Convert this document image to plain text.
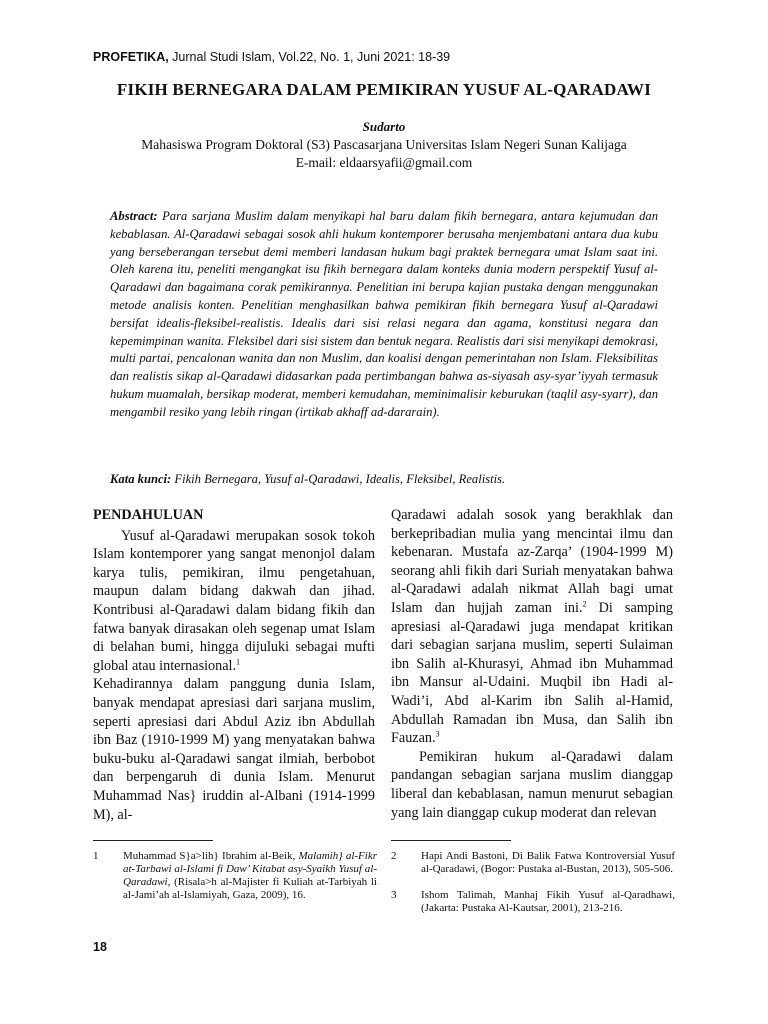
PROFETIKA, Jurnal Studi Islam, Vol.22, No. 1, Juni 2021: 18-39
FIKIH BERNEGARA DALAM PEMIKIRAN YUSUF AL-QARADAWI
Sudarto
Mahasiswa Program Doktoral (S3) Pascasarjana Universitas Islam Negeri Sunan Kalijaga
E-mail: eldaarsyafii@gmail.com
Abstract: Para sarjana Muslim dalam menyikapi hal baru dalam fikih bernegara, antara kejumudan dan kebablasan. Al-Qaradawi sebagai sosok ahli hukum kontemporer berusaha menjembatani antara dua kubu yang berseberangan tersebut demi memberi landasan hukum bagi praktek bernegara umat Islam saat ini. Oleh karena itu, peneliti mengangkat isu fikih bernegara dalam konteks dunia modern perspektif Yusuf al-Qaradawi dan bagaimana corak pemikirannya. Penelitian ini berupa kajian pustaka dengan menggunakan metode analisis konten. Penelitian menghasilkan bahwa pemikiran fikih bernegara Yusuf al-Qaradawi bersifat idealis-fleksibel-realistis. Idealis dari sisi relasi negara dan agama, konstitusi negara dan kepemimpinan wanita. Fleksibel dari sisi sistem dan bentuk negara. Realistis dari sisi menyikapi demokrasi, multi partai, pencalonan wanita dan non Muslim, dan koalisi dengan pemerintahan non Islam. Fleksibilitas dan realistis sikap al-Qaradawi didasarkan pada pertimbangan bahwa as-siyasah asy-syar’iyyah termasuk hukum muamalah, bersikap moderat, memberi kemudahan, meminimalisir keburukan (taqlil asy-syarr), dan mengambil resiko yang lebih ringan (irtikab akhaff ad-dararain).
Kata kunci: Fikih Bernegara, Yusuf al-Qaradawi, Idealis, Fleksibel, Realistis.
PENDAHULUAN

Yusuf al-Qaradawi merupakan sosok tokoh Islam kontemporer yang sangat menonjol dalam karya tulis, pemikiran, ilmu pengetahuan, maupun dalam bidang dakwah dan jihad. Kontribusi al-Qaradawi dalam bidang fikih dan fatwa banyak dirasakan oleh segenap umat Islam di belahan bumi, hingga dijuluki sebagai mufti global atau internasional.$^1$

Kehadirannya dalam panggung dunia Islam, banyak mendapat apresiasi dari sarjana muslim, seperti apresiasi dari Abdul Aziz ibn Abdullah ibn Baz (1910-1999 M) yang menyatakan bahwa buku-buku al-Qaradawi sangat ilmiah, berbobot dan berpengaruh di dunia Islam. Menurut Muhammad Nas} iruddin al-Albani (1914-1999 M), al-

Qaradawi adalah sosok yang berakhlak dan berkepribadian mulia yang mencintai ilmu dan kebenaran. Mustafa az-Zarqa’ (1904-1999 M) seorang ahli fikih dari Suriah menyatakan bahwa al-Qaradawi adalah nikmat Allah bagi umat Islam dan hujjah zaman ini.$^2$ Di samping apresiasi al-Qaradawi juga mendapat kritikan dari sebagian sarjana muslim, seperti Sulaiman ibn Salih al-Khurasyi, Ahmad ibn Muhammad ibn Mansur al-Udaini. Muqbil ibn Hadi al-Wadi’i, Abd al-Karim ibn Salih al-Hamid, Abdullah Ramadan ibn Musa, dan Salih ibn Fauzan.$^3$

Pemikiran hukum al-Qaradawi dalam pandangan sebagian sarjana muslim dianggap liberal dan kebablasan, namun menurut sebagian yang lain dianggap cukup moderat dan relevan

1 Muhammad S}a>lih} Ibrahim al-Beik, Malamih} al-Fikr at-Tarbawi al-Islami fi Daw’ Kitabat asy-Syaikh Yusuf al-Qaradawi, (Risala>h al-Majister fi Kuliah at-Tarbiyah li al-Jami’ah al-Islamiyah, Gaza, 2009), 16.
2 Hapi Andi Bastoni, Di Balik Fatwa Kontroversial Yusuf al-Qaradawi, (Bogor: Pustaka al-Bustan, 2013), 505-506.
3 Ishom Talimah, Manhaj Fikih Yusuf al-Qaradhawi, (Jakarta: Pustaka Al-Kautsar, 2001), 213-216.
18
